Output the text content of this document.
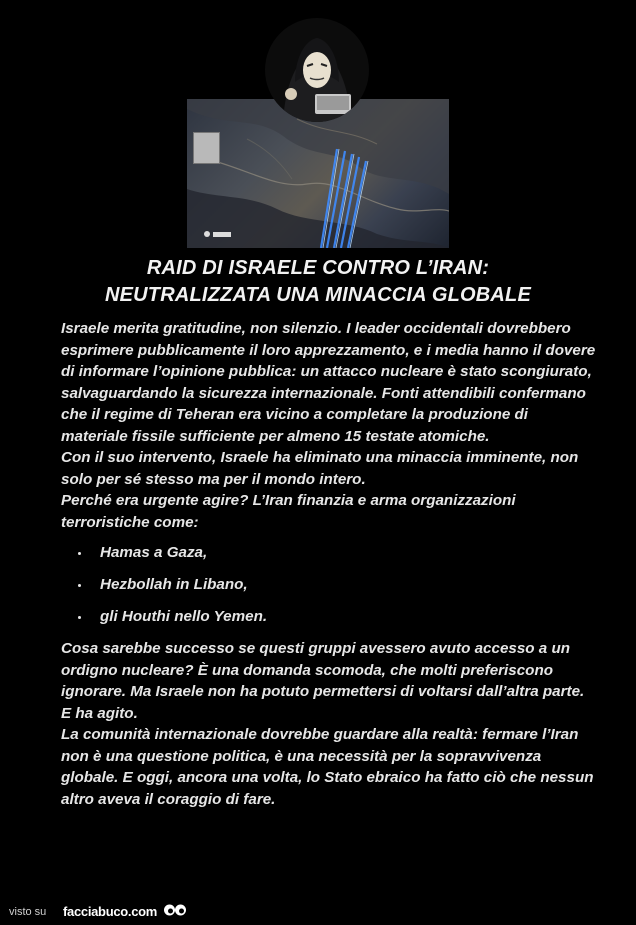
RAID DI ISRAELE CONTRO L’IRAN:
NEUTRALIZZATA UNA MINACCIA GLOBALE

Israele merita gratitudine, non silenzio. I leader occidentali dovrebbero esprimere pubblicamente il loro apprezzamento, e i media hanno il dovere di informare l’opinione pubblica: un attacco nucleare è stato scongiurato, salvaguardando la sicurezza internazionale. Fonti attendibili confermano che il regime di Teheran era vicino a completare la produzione di materiale fissile sufficiente per almeno 15 testate atomiche.

Con il suo intervento, Israele ha eliminato una minaccia imminente, non solo per sé stesso ma per il mondo intero.

Perché era urgente agire? L’Iran finanzia e arma organizzazioni terroristiche come:

Hamas a Gaza,
Hezbollah in Libano,
gli Houthi nello Yemen.

Cosa sarebbe successo se questi gruppi avessero avuto accesso a un ordigno nucleare? È una domanda scomoda, che molti preferiscono ignorare. Ma Israele non ha potuto permettersi di voltarsi dall’altra parte. E ha agito.

La comunità internazionale dovrebbe guardare alla realtà: fermare l’Iran non è una questione politica, è una necessità per la sopravvivenza globale. E oggi, ancora una volta, lo Stato ebraico ha fatto ciò che nessun altro aveva il coraggio di fare.

visto su facciabuco.com
